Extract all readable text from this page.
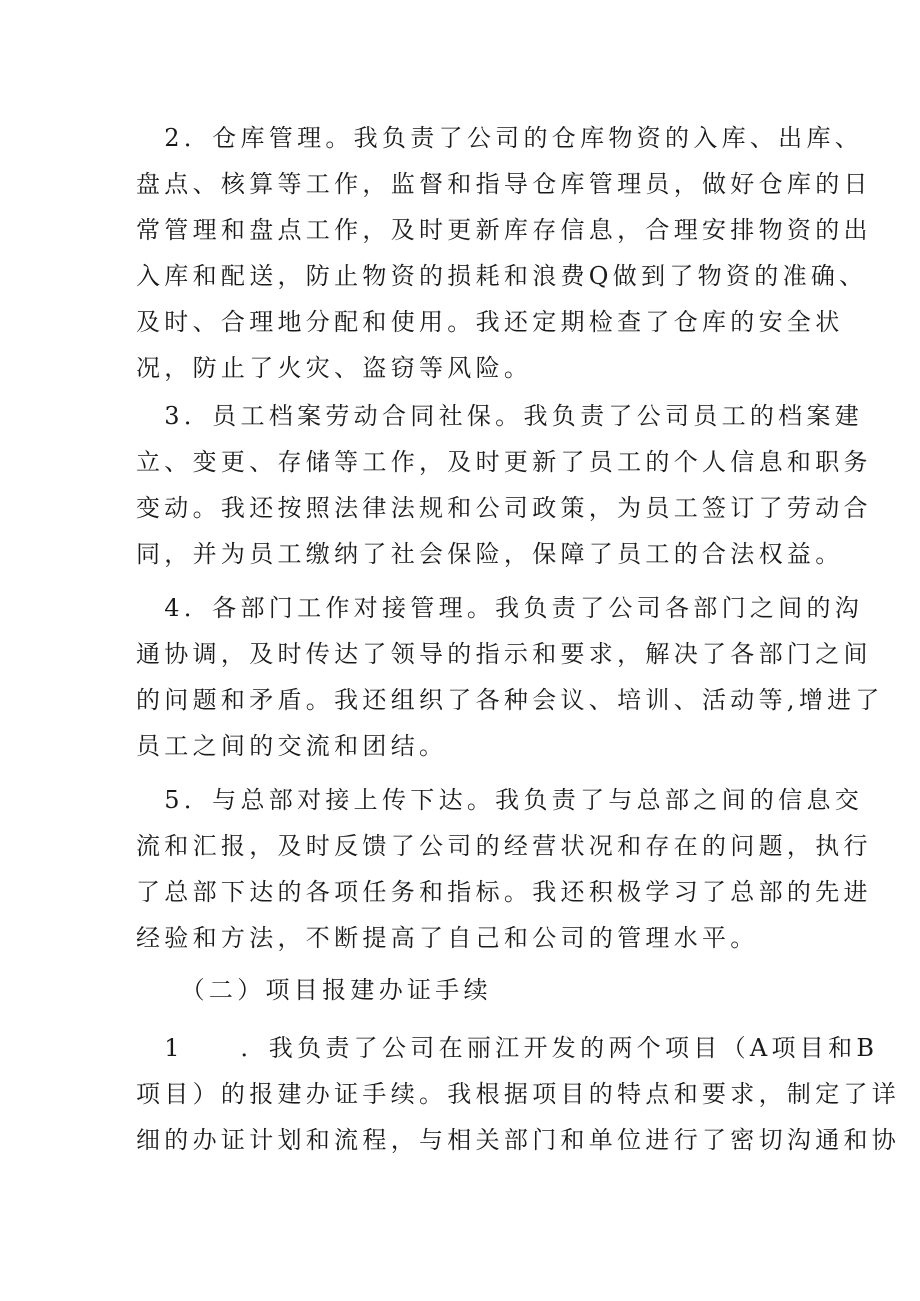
　2．仓库管理。我负责了公司的仓库物资的入库、出库、
盘点、核算等工作，监督和指导仓库管理员，做好仓库的日
常管理和盘点工作，及时更新库存信息，合理安排物资的出
入库和配送，防止物资的损耗和浪费Q做到了物资的准确、
及时、合理地分配和使用。我还定期检查了仓库的安全状
况，防止了火灾、盗窃等风险。
　3．员工档案劳动合同社保。我负责了公司员工的档案建
立、变更、存储等工作，及时更新了员工的个人信息和职务
变动。我还按照法律法规和公司政策，为员工签订了劳动合
同，并为员工缴纳了社会保险，保障了员工的合法权益。
　4．各部门工作对接管理。我负责了公司各部门之间的沟
通协调，及时传达了领导的指示和要求，解决了各部门之间
的问题和矛盾。我还组织了各种会议、培训、活动等,增进了
员工之间的交流和团结。
　5．与总部对接上传下达。我负责了与总部之间的信息交
流和汇报，及时反馈了公司的经营状况和存在的问题，执行
了总部下达的各项任务和指标。我还积极学习了总部的先进
经验和方法，不断提高了自己和公司的管理水平。
　　（二）项目报建办证手续
　1　　．我负责了公司在丽江开发的两个项目（A项目和B
项目）的报建办证手续。我根据项目的特点和要求，制定了详
细的办证计划和流程，与相关部门和单位进行了密切沟通和协
